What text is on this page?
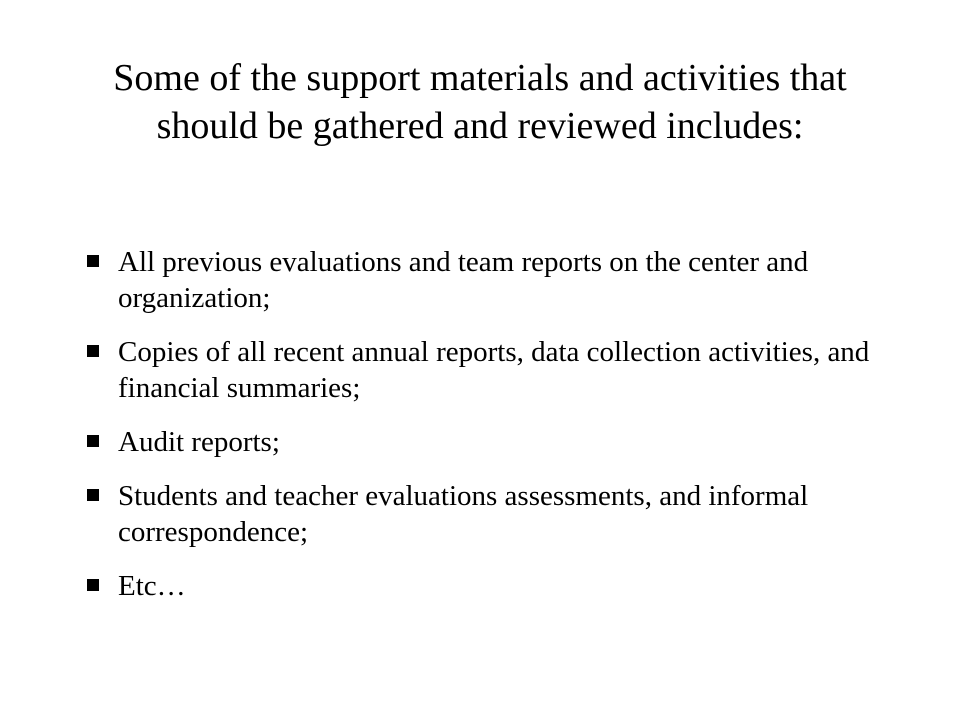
Some of the support materials and activities that should be gathered and reviewed includes:
All previous evaluations and team reports on the center and organization;
Copies of all recent annual reports, data collection activities, and financial summaries;
Audit reports;
Students and teacher evaluations assessments, and informal correspondence;
Etc…
